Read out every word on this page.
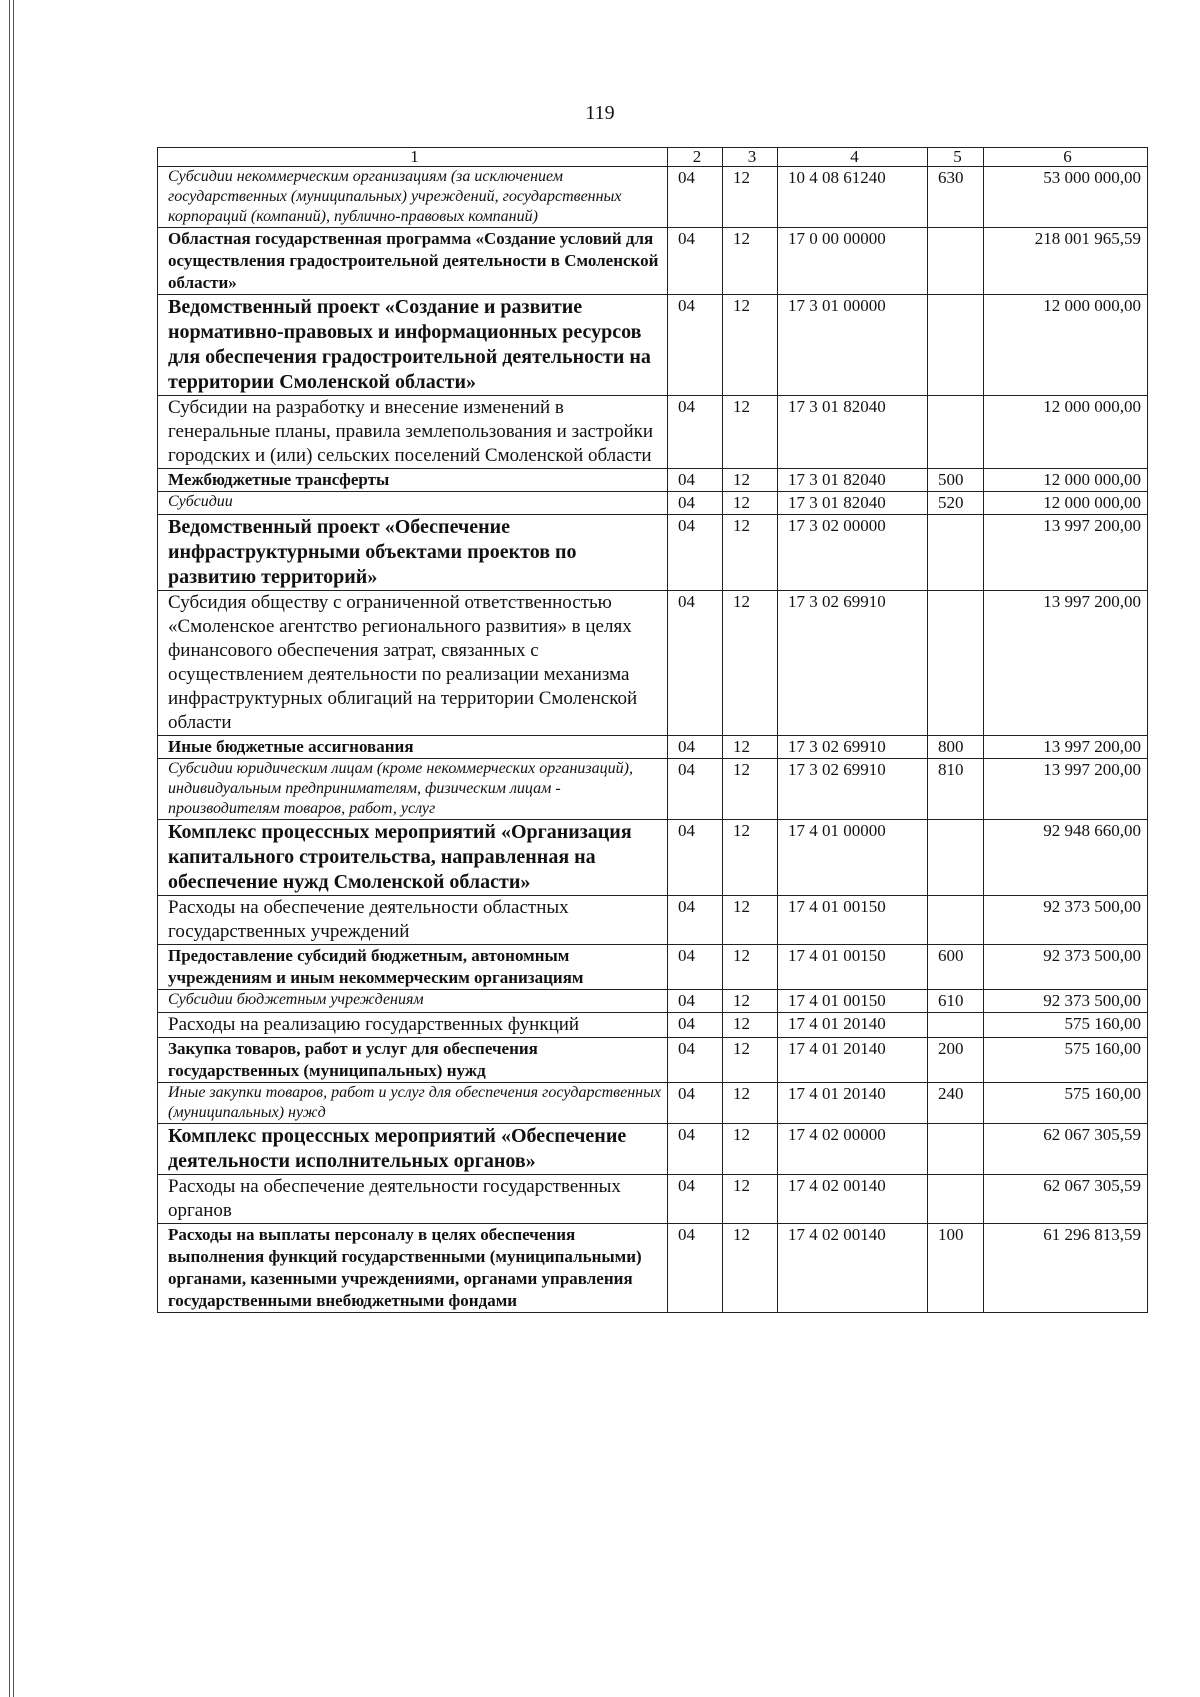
119
1	2	3	4	5	6
Субсидии некоммерческим организациям (за исключением государственных (муниципальных) учреждений, государственных корпораций (компаний), публично-правовых компаний)	04	12	10 4 08 61240	630	53 000 000,00
Областная государственная программа «Создание условий для осуществления градостроительной деятельности в Смоленской области»	04	12	17 0 00 00000		218 001 965,59
Ведомственный проект «Создание и развитие нормативно-правовых и информационных ресурсов для обеспечения градостроительной деятельности на территории Смоленской области»	04	12	17 3 01 00000		12 000 000,00
Субсидии на разработку и внесение изменений в генеральные планы, правила землепользования и застройки городских и (или) сельских поселений Смоленской области	04	12	17 3 01 82040		12 000 000,00
Межбюджетные трансферты	04	12	17 3 01 82040	500	12 000 000,00
Субсидии	04	12	17 3 01 82040	520	12 000 000,00
Ведомственный проект «Обеспечение инфраструктурными объектами проектов по развитию территорий»	04	12	17 3 02 00000		13 997 200,00
Субсидия обществу с ограниченной ответственностью «Смоленское агентство регионального развития» в целях финансового обеспечения затрат, связанных с осуществлением деятельности по реализации механизма инфраструктурных облигаций на территории Смоленской области	04	12	17 3 02 69910		13 997 200,00
Иные бюджетные ассигнования	04	12	17 3 02 69910	800	13 997 200,00
Субсидии юридическим лицам (кроме некоммерческих организаций), индивидуальным предпринимателям, физическим лицам - производителям товаров, работ, услуг	04	12	17 3 02 69910	810	13 997 200,00
Комплекс процессных мероприятий «Организация капитального строительства, направленная на обеспечение нужд Смоленской области»	04	12	17 4 01 00000		92 948 660,00
Расходы на обеспечение деятельности областных государственных учреждений	04	12	17 4 01 00150		92 373 500,00
Предоставление субсидий бюджетным, автономным учреждениям и иным некоммерческим организациям	04	12	17 4 01 00150	600	92 373 500,00
Субсидии бюджетным учреждениям	04	12	17 4 01 00150	610	92 373 500,00
Расходы на реализацию государственных функций	04	12	17 4 01 20140		575 160,00
Закупка товаров, работ и услуг для обеспечения государственных (муниципальных) нужд	04	12	17 4 01 20140	200	575 160,00
Иные закупки товаров, работ и услуг для обеспечения государственных (муниципальных) нужд	04	12	17 4 01 20140	240	575 160,00
Комплекс процессных мероприятий «Обеспечение деятельности исполнительных органов»	04	12	17 4 02 00000		62 067 305,59
Расходы на обеспечение деятельности государственных органов	04	12	17 4 02 00140		62 067 305,59
Расходы на выплаты персоналу в целях обеспечения выполнения функций государственными (муниципальными) органами, казенными учреждениями, органами управления государственными внебюджетными фондами	04	12	17 4 02 00140	100	61 296 813,59
